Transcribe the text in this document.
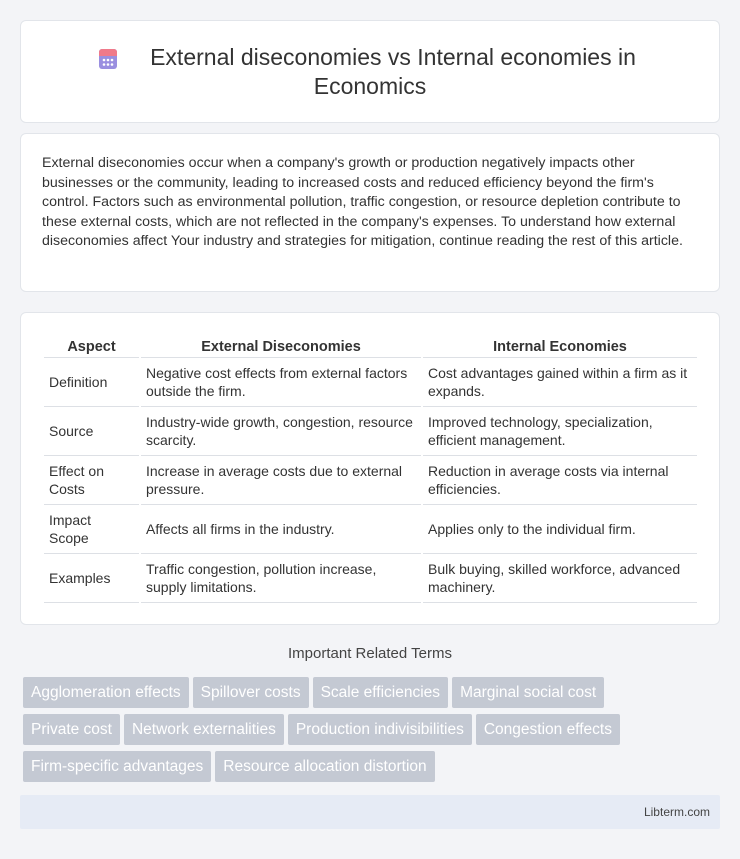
External diseconomies vs Internal economies in
Economics

External diseconomies occur when a company's growth or production negatively impacts other businesses or the community, leading to increased costs and reduced efficiency beyond the firm's control. Factors such as environmental pollution, traffic congestion, or resource depletion contribute to these external costs, which are not reflected in the company's expenses. To understand how external diseconomies affect Your industry and strategies for mitigation, continue reading the rest of this article.

Aspect	External Diseconomies	Internal Economies
Definition	Negative cost effects from external factors outside the firm.	Cost advantages gained within a firm as it expands.
Source	Industry-wide growth, congestion, resource scarcity.	Improved technology, specialization, efficient management.
Effect on Costs	Increase in average costs due to external pressure.	Reduction in average costs via internal efficiencies.
Impact Scope	Affects all firms in the industry.	Applies only to the individual firm.
Examples	Traffic congestion, pollution increase, supply limitations.	Bulk buying, skilled workforce, advanced machinery.
Important Related Terms
Agglomeration effects Spillover costs Scale efficiencies Marginal social cost
Private cost Network externalities Production indivisibilities Congestion effects
Firm-specific advantages Resource allocation distortion
Libterm.com
